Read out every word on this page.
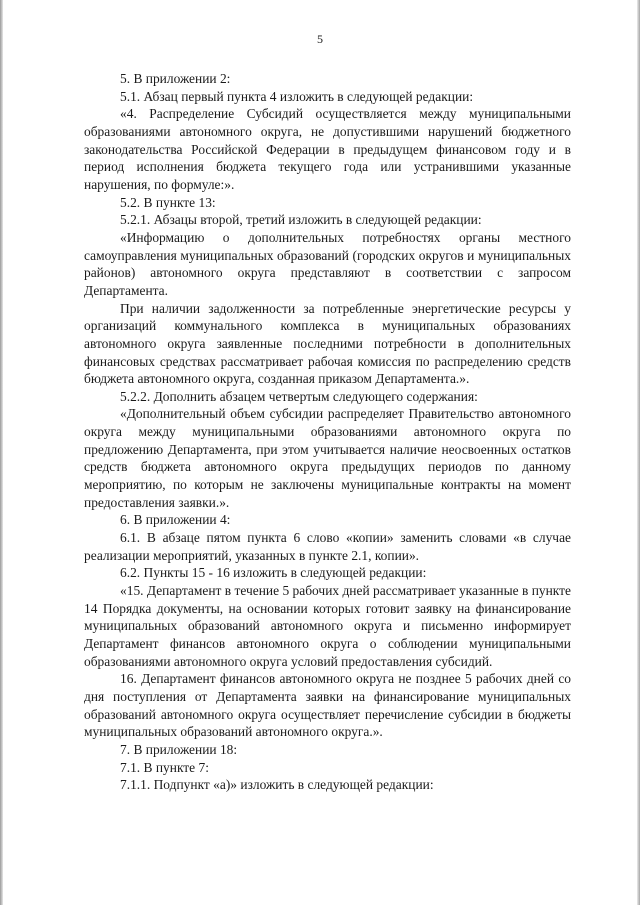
5

5. В приложении 2:

5.1. Абзац первый пункта 4 изложить в следующей редакции:

«4. Распределение Субсидий осуществляется между муниципальными образованиями автономного округа, не допустившими нарушений бюджетного законодательства Российской Федерации в предыдущем финансовом году и в период исполнения бюджета текущего года или устранившими указанные нарушения, по формуле:».

5.2. В пункте 13:

5.2.1. Абзацы второй, третий изложить в следующей редакции:

«Информацию о дополнительных потребностях органы местного самоуправления муниципальных образований (городских округов и муниципальных районов) автономного округа представляют в соответствии с запросом Департамента.

При наличии задолженности за потребленные энергетические ресурсы у организаций коммунального комплекса в муниципальных образованиях автономного округа заявленные последними потребности в дополнительных финансовых средствах рассматривает рабочая комиссия по распределению средств бюджета автономного округа, созданная приказом Департамента.».

5.2.2. Дополнить абзацем четвертым следующего содержания:

«Дополнительный объем субсидии распределяет Правительство автономного округа между муниципальными образованиями автономного округа по предложению Департамента, при этом учитывается наличие неосвоенных остатков средств бюджета автономного округа предыдущих периодов по данному мероприятию, по которым не заключены муниципальные контракты на момент предоставления заявки.».

6. В приложении 4:

6.1. В абзаце пятом пункта 6 слово «копии» заменить словами «в случае реализации мероприятий, указанных в пункте 2.1, копии».

6.2. Пункты 15 - 16 изложить в следующей редакции:

«15. Департамент в течение 5 рабочих дней рассматривает указанные в пункте 14 Порядка документы, на основании которых готовит заявку на финансирование муниципальных образований автономного округа и письменно информирует Департамент финансов автономного округа о соблюдении муниципальными образованиями автономного округа условий предоставления субсидий.

16. Департамент финансов автономного округа не позднее 5 рабочих дней со дня поступления от Департамента заявки на финансирование муниципальных образований автономного округа осуществляет перечисление субсидии в бюджеты муниципальных образований автономного округа.».

7. В приложении 18:

7.1. В пункте 7:

7.1.1. Подпункт «а)» изложить в следующей редакции:
